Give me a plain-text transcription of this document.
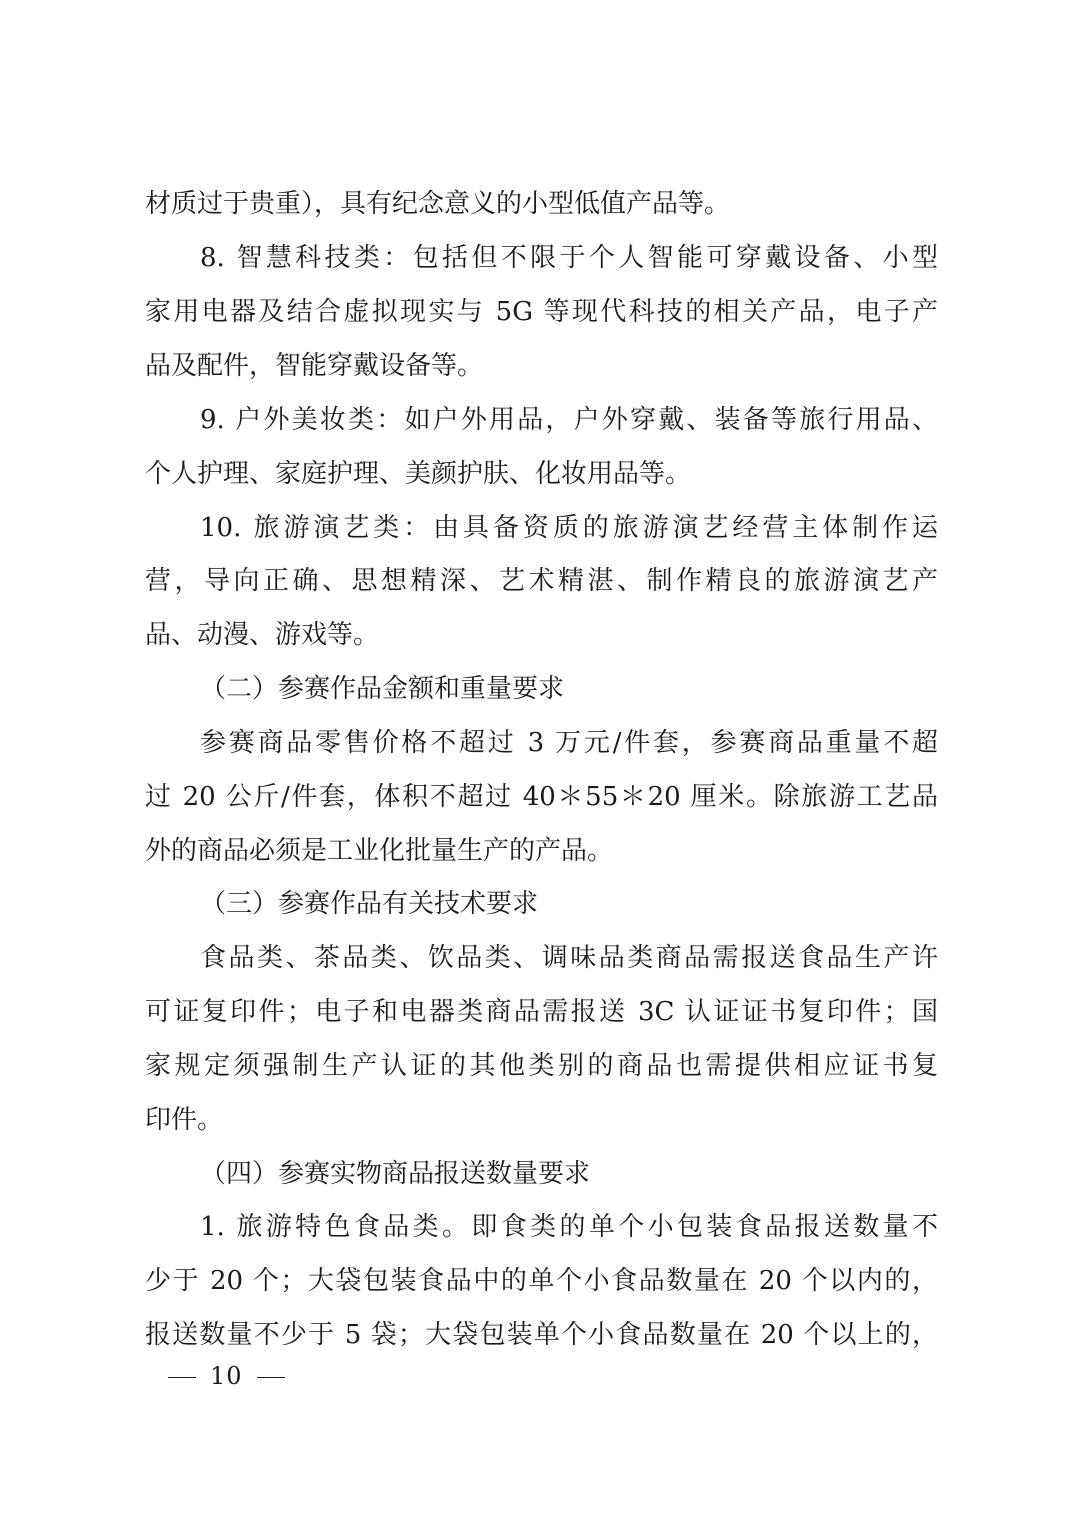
材质过于贵重），具有纪念意义的小型低值产品等。
8. 智慧科技类：包括但不限于个人智能可穿戴设备、小型
家用电器及结合虚拟现实与 5G 等现代科技的相关产品，电子产
品及配件，智能穿戴设备等。
9. 户外美妆类：如户外用品，户外穿戴、装备等旅行用品、
个人护理、家庭护理、美颜护肤、化妆用品等。
10. 旅游演艺类：由具备资质的旅游演艺经营主体制作运
营，导向正确、思想精深、艺术精湛、制作精良的旅游演艺产
品、动漫、游戏等。
（二）参赛作品金额和重量要求
参赛商品零售价格不超过 3 万元/件套，参赛商品重量不超
过 20 公斤/件套，体积不超过 40＊55＊20 厘米。除旅游工艺品
外的商品必须是工业化批量生产的产品。
（三）参赛作品有关技术要求
食品类、茶品类、饮品类、调味品类商品需报送食品生产许
可证复印件；电子和电器类商品需报送 3C 认证证书复印件；国
家规定须强制生产认证的其他类别的商品也需提供相应证书复
印件。
（四）参赛实物商品报送数量要求
1. 旅游特色食品类。即食类的单个小包装食品报送数量不
少于 20 个；大袋包装食品中的单个小食品数量在 20 个以内的，
报送数量不少于 5 袋；大袋包装单个小食品数量在 20 个以上的，
10
